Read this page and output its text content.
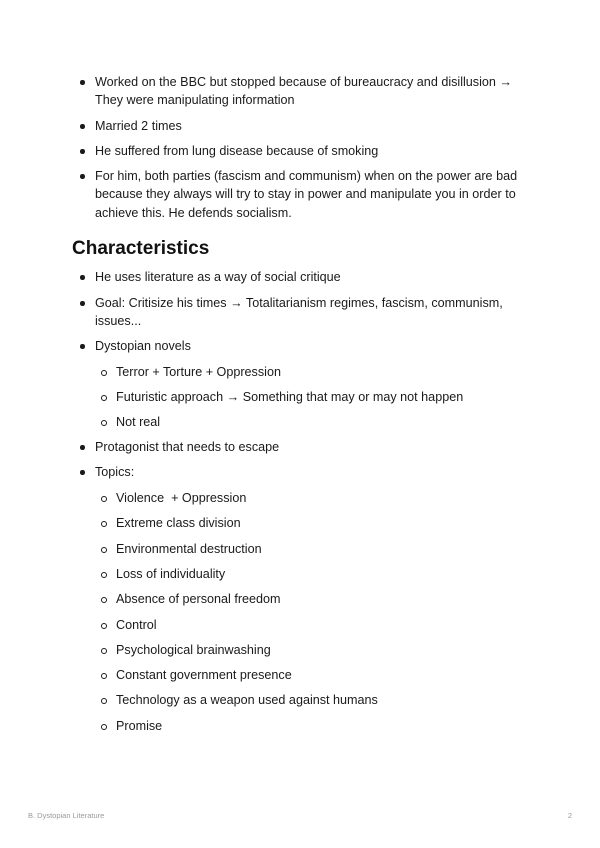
Worked on the BBC but stopped because of bureaucracy and disillusion → They were manipulating information
Married 2 times
He suffered from lung disease because of smoking
For him, both parties (fascism and communism) when on the power are bad because they always will try to stay in power and manipulate you in order to achieve this. He defends socialism.
Characteristics
He uses literature as a way of social critique
Goal: Critisize his times → Totalitarianism regimes, fascism, communism, issues...
Dystopian novels
Terror + Torture + Oppression
Futuristic approach → Something that may or may not happen
Not real
Protagonist that needs to escape
Topics:
Violence  + Oppression
Extreme class division
Environmental destruction
Loss of individuality
Absence of personal freedom
Control
Psychological brainwashing
Constant government presence
Technology as a weapon used against humans
Promise
B. Dystopian Literature	2
